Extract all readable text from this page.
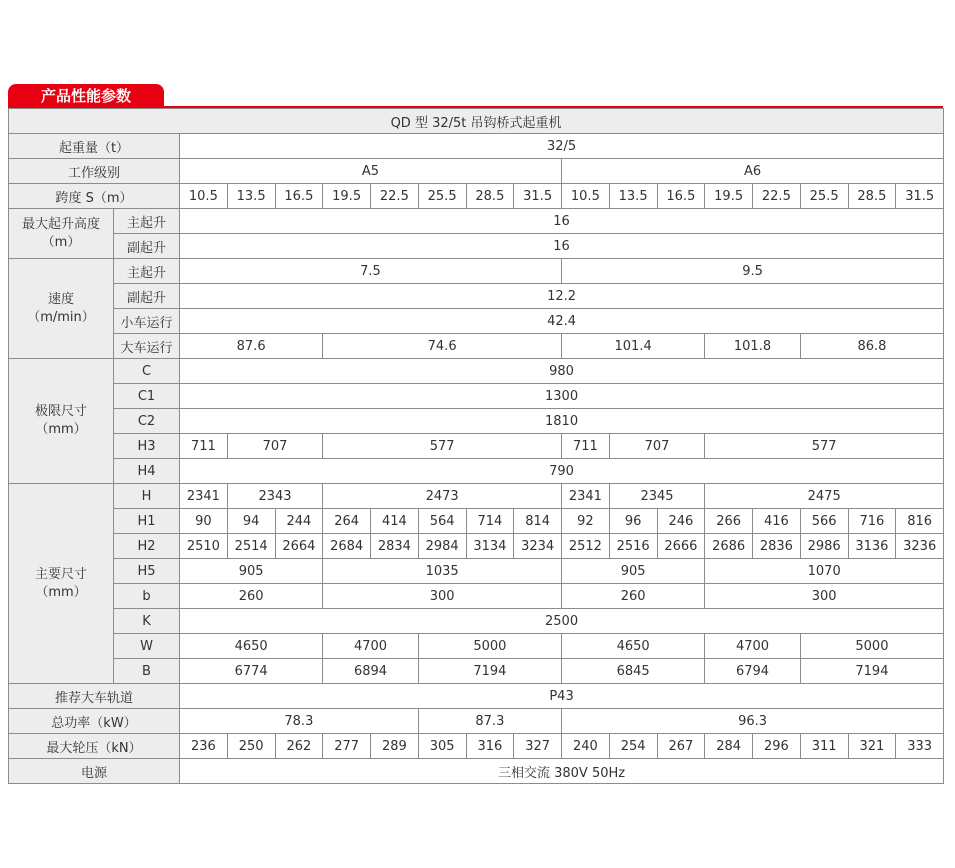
产品性能参数
QD 型 32/5t 吊钩桥式起重机																	
起重量（t）		32/5															
工作级别		A5								A6							
跨度 S（m）		10.5	13.5	16.5	19.5	22.5	25.5	28.5	31.5	10.5	13.5	16.5	19.5	22.5	25.5	28.5	31.5

最大起升高度
（m）	主起升	16															
	副起升	16															

速度
（m/min）	主起升	7.5								9.5							
	副起升	12.2															
	小车运行	42.4															
	大车运行	87.6			74.6					101.4			101.8		86.8		

极限尺寸
（mm）	C	980															
	C1	1300															
	C2	1810															
	H3	711	707		577					711	707		577				
	H4	790															

主要尺寸
（mm）	H	2341	2343		2473					2341	2345		2475				
	H1	90	94	244	264	414	564	714	814	92	96	246	266	416	566	716	816
	H2	2510	2514	2664	2684	2834	2984	3134	3234	2512	2516	2666	2686	2836	2986	3136	3236
	H5	905			1035					905			1070				
	b	260			300					260			300				
	K	2500															
	W	4650			4700		5000			4650			4700		5000		
	B	6774			6894		7194			6845			6794		7194		
推荐大车轨道		P43															
总功率（kW）		78.3					87.3			96.3							
最大轮压（kN）		236	250	262	277	289	305	316	327	240	254	267	284	296	311	321	333
电源		三相交流 380V 50Hz															
